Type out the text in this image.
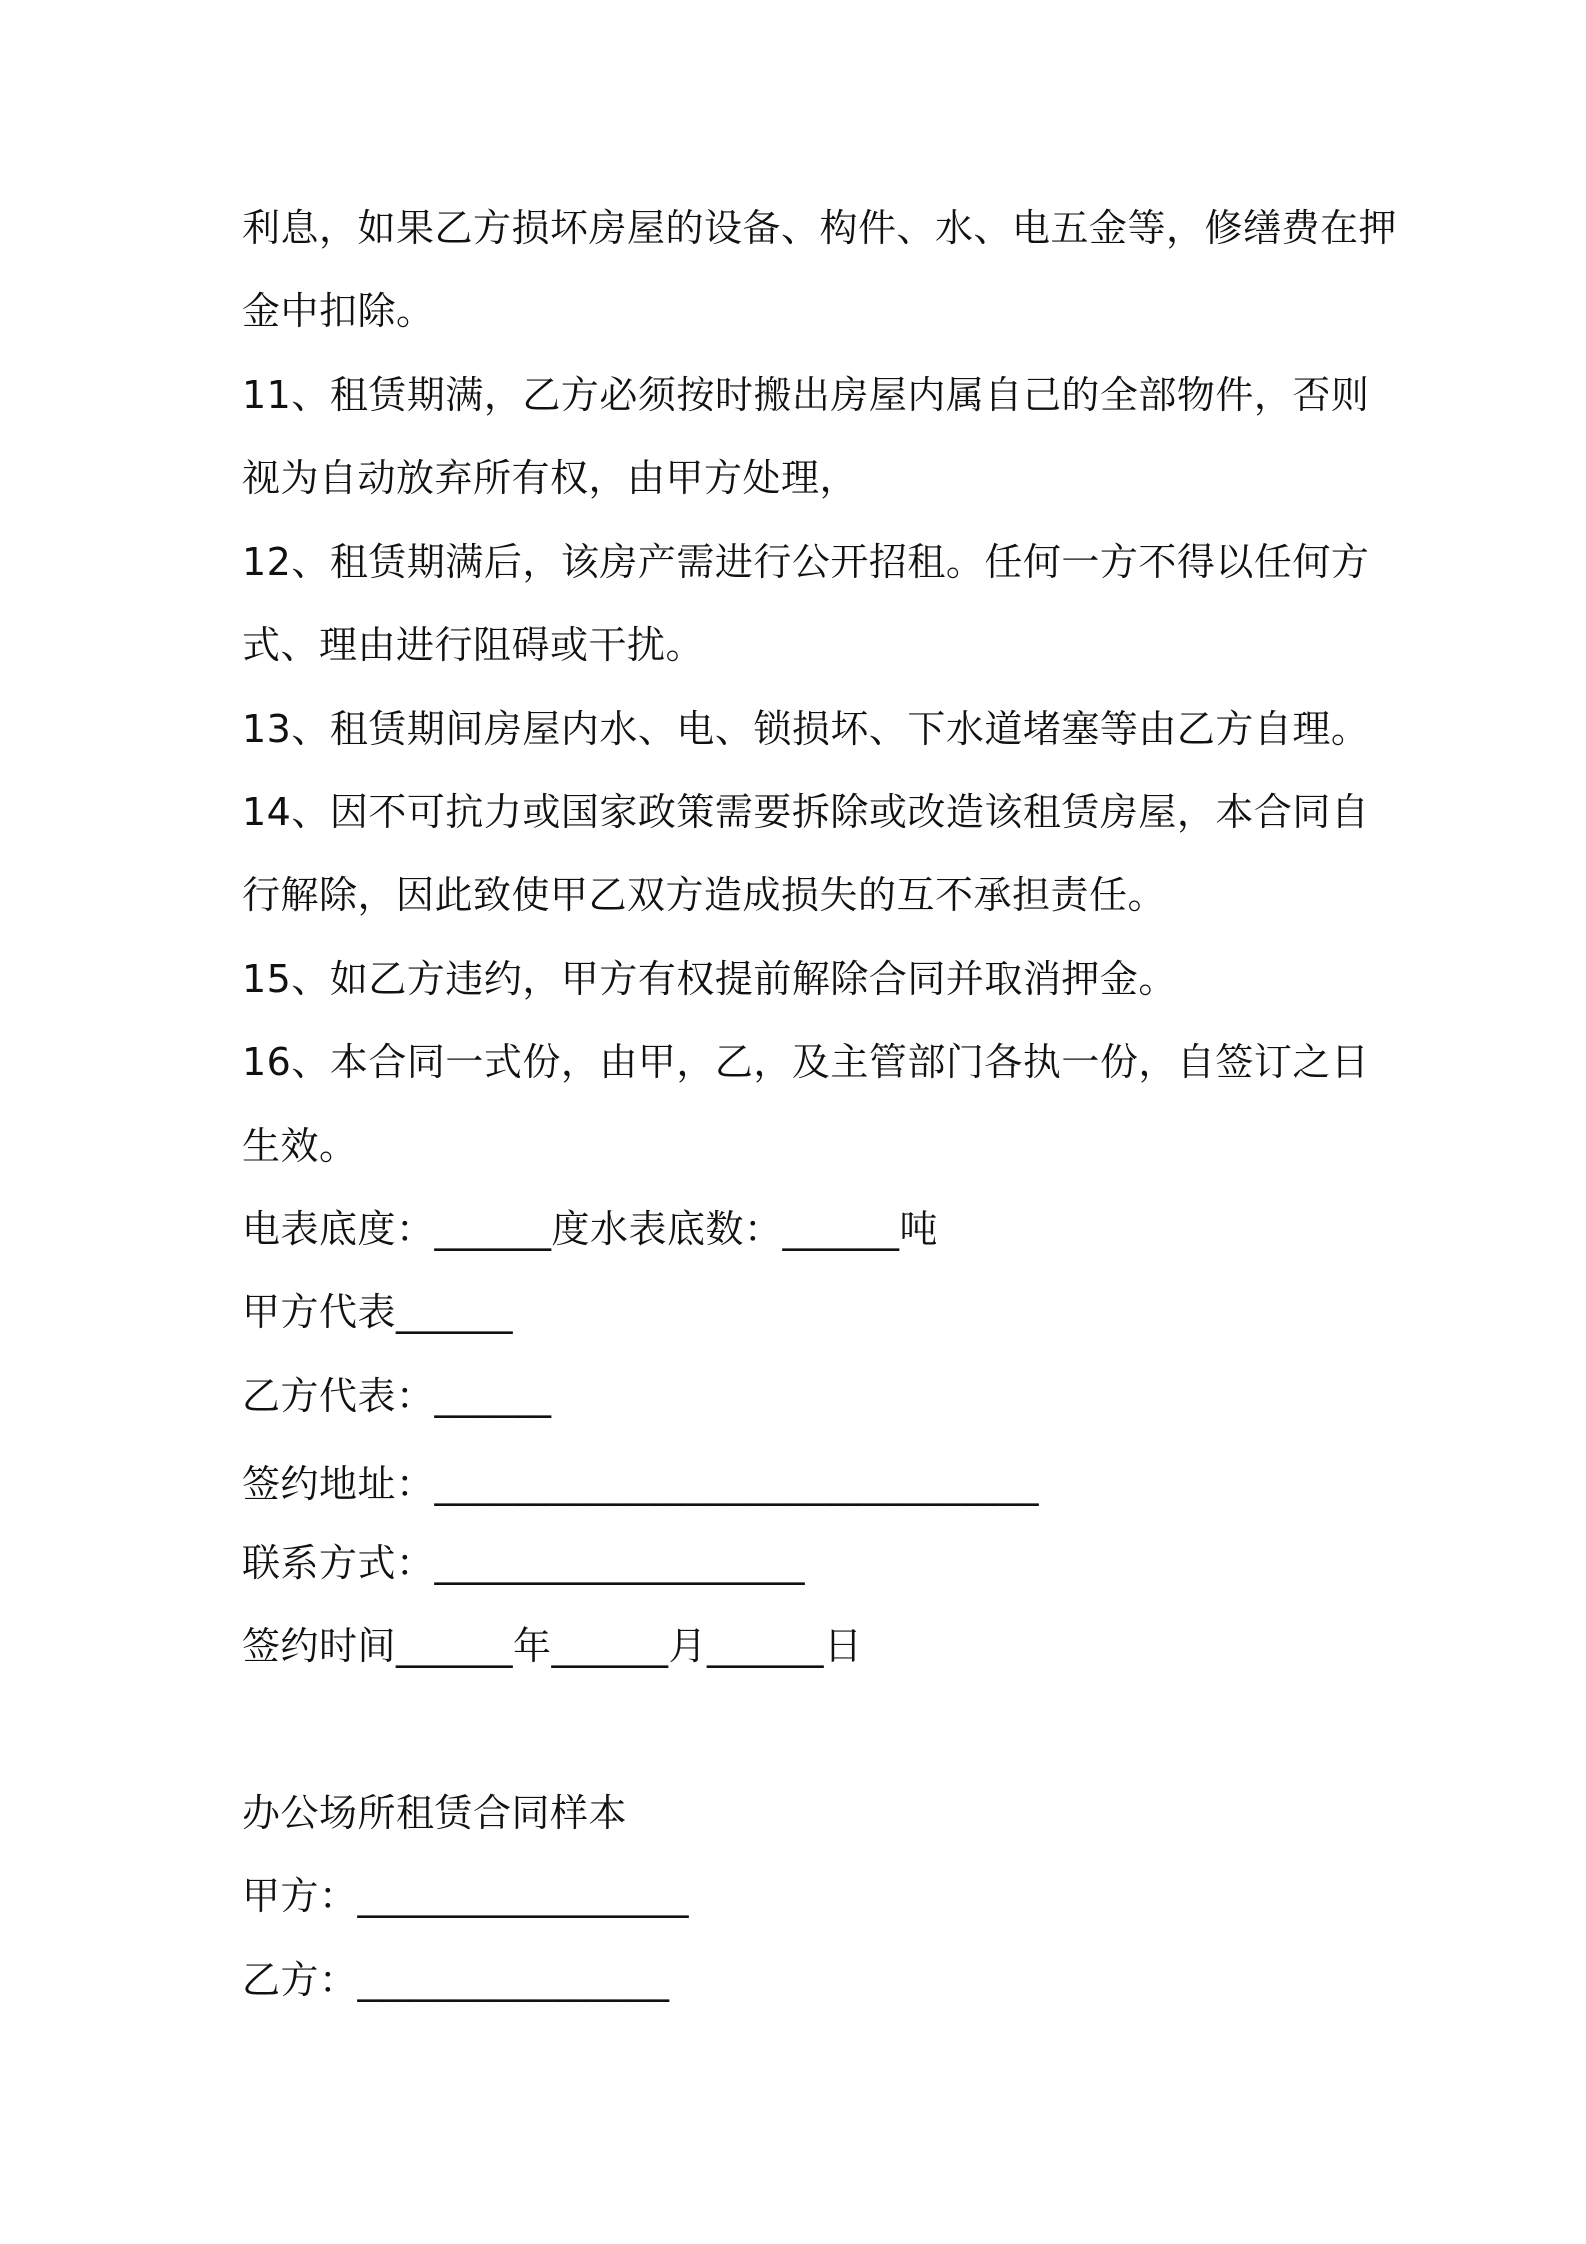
利息，如果乙方损坏房屋的设备、构件、水、电五金等，修缮费在押
金中扣除。
11、租赁期满，乙方必须按时搬出房屋内属自己的全部物件，否则
视为自动放弃所有权，由甲方处理，
12、租赁期满后，该房产需进行公开招租。任何一方不得以任何方
式、理由进行阻碍或干扰。
13、租赁期间房屋内水、电、锁损坏、下水道堵塞等由乙方自理。
14、因不可抗力或国家政策需要拆除或改造该租赁房屋，本合同自
行解除，因此致使甲乙双方造成损失的互不承担责任。
15、如乙方违约，甲方有权提前解除合同并取消押金。
16、本合同一式份，由甲，乙，及主管部门各执一份，自签订之日
生效。
电表底度：______度水表底数：______吨
甲方代表______
乙方代表：______
签约地址：_______________________________
联系方式：___________________
签约时间______年______月______日
办公场所租赁合同样本
甲方：_________________
乙方：________________
